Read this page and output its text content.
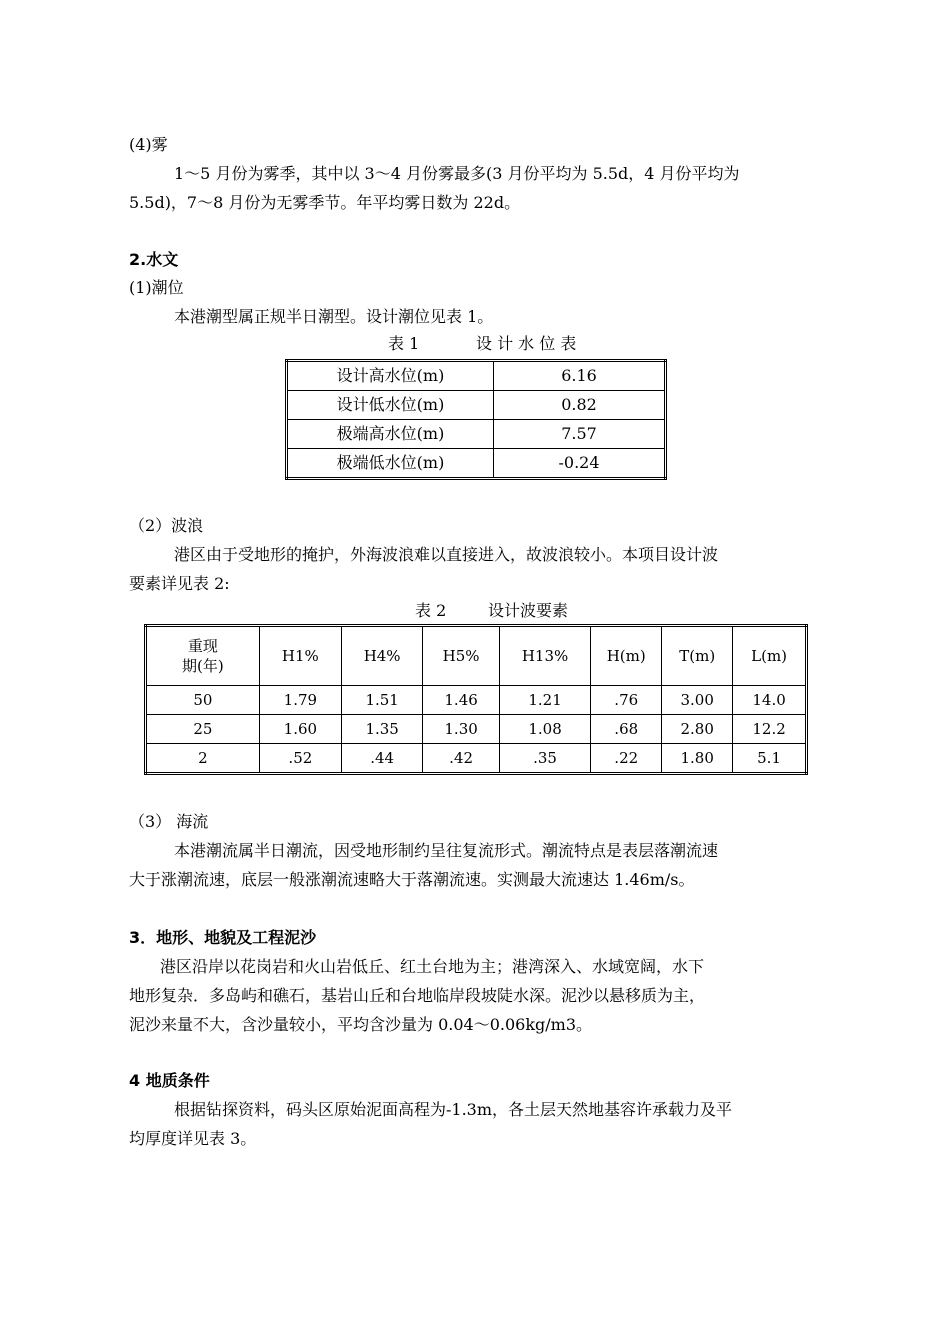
(4)雾
1～5 月份为雾季，其中以 3～4 月份雾最多(3 月份平均为 5.5d，4 月份平均为
5.5d)，7～8 月份为无雾季节。年平均雾日数为 22d。
2.水文
(1)潮位
本港潮型属正规半日潮型。设计潮位见表 1。
表 1	设 计 水 位 表
设计高水位(m)	6.16
设计低水位(m)	0.82
极端高水位(m)	7.57
极端低水位(m)	-0.24
（2）波浪
港区由于受地形的掩护，外海波浪难以直接进入，故波浪较小。本项目设计波
要素详见表 2:
表 2	设计波要素
重现
期(年)	H1%	H4%	H5%	H13%	H(m)	T(m)	L(m)
50	1.79	1.51	1.46	1.21	.76	3.00	14.0
25	1.60	1.35	1.30	1.08	.68	2.80	12.2
2	.52	.44	.42	.35	.22	1.80	5.1
（3） 海流
本港潮流属半日潮流，因受地形制约呈往复流形式。潮流特点是表层落潮流速
大于涨潮流速，底层一般涨潮流速略大于落潮流速。实测最大流速达 1.46m/s。
3．地形、地貌及工程泥沙
港区沿岸以花岗岩和火山岩低丘、红土台地为主；港湾深入、水域宽阔，水下
地形复杂．多岛屿和礁石，基岩山丘和台地临岸段坡陡水深。泥沙以悬移质为主，
泥沙来量不大，含沙量较小，平均含沙量为 0.04～0.06kg/m3。
4 地质条件
根据钻探资料，码头区原始泥面高程为-1.3m，各土层天然地基容许承载力及平
均厚度详见表 3。
